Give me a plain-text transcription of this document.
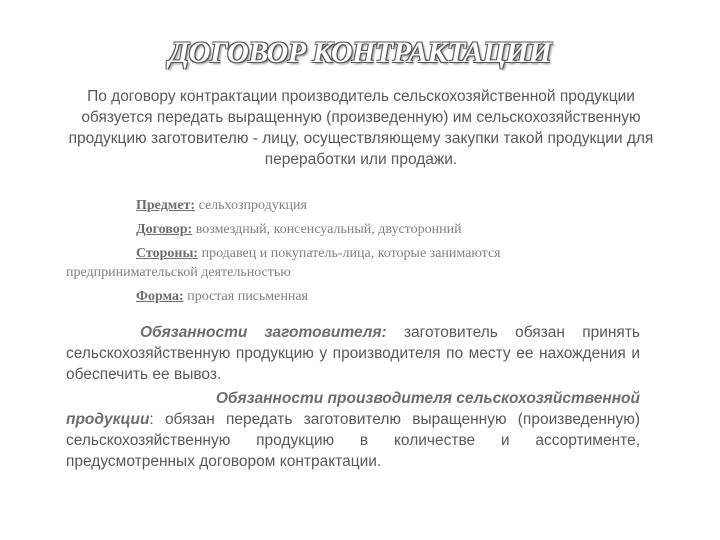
ДОГОВОР КОНТРАКТАЦИИ
По договору контрактации производитель сельскохозяйственной продукции обязуется передать выращенную (произведенную) им сельскохозяйственную продукцию заготовителю - лицу, осуществляющему закупки такой продукции для переработки или продажи.

Предмет: сельхозпродукция

Договор: возмездный, консенсуальный, двусторонний

Стороны: продавец и покупатель-лица, которые занимаются
предпринимательской деятельностью

Форма: простая письменная

Обязанности заготовителя: заготовитель обязан принять сельскохозяйственную продукцию у производителя по месту ее нахождения и обеспечить ее вывоз.
Обязанности производителя сельскохозяйственной
продукции: обязан передать заготовителю выращенную (произведенную) сельскохозяйственную продукцию в количестве и ассортименте, предусмотренных договором контрактации.
